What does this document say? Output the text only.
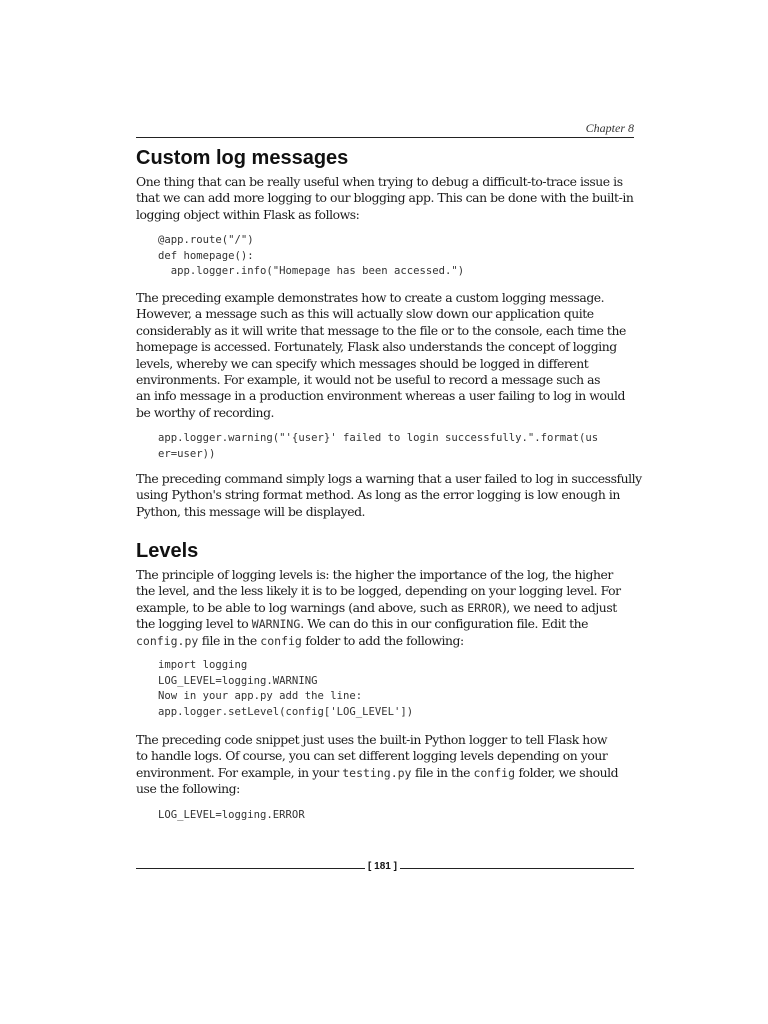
Chapter 8
Custom log messages

One thing that can be really useful when trying to debug a difficult-to-trace issue is
that we can add more logging to our blogging app. This can be done with the built-in
logging object within Flask as follows:

@app.route("/")
def homepage():
app.logger.info("Homepage has been accessed.")

The preceding example demonstrates how to create a custom logging message.
However, a message such as this will actually slow down our application quite
considerably as it will write that message to the file or to the console, each time the
homepage is accessed. Fortunately, Flask also understands the concept of logging
levels, whereby we can specify which messages should be logged in different
environments. For example, it would not be useful to record a message such as
an info message in a production environment whereas a user failing to log in would
be worthy of recording.

app.logger.warning("'{user}' failed to login successfully.".format(us
er=user))

The preceding command simply logs a warning that a user failed to log in successfully
using Python's string format method. As long as the error logging is low enough in
Python, this message will be displayed.

Levels

The principle of logging levels is: the higher the importance of the log, the higher
the level, and the less likely it is to be logged, depending on your logging level. For
example, to be able to log warnings (and above, such as ERROR), we need to adjust
the logging level to WARNING. We can do this in our configuration file. Edit the
config.py file in the config folder to add the following:

import logging
LOG_LEVEL=logging.WARNING
Now in your app.py add the line:
app.logger.setLevel(config['LOG_LEVEL'])

The preceding code snippet just uses the built-in Python logger to tell Flask how
to handle logs. Of course, you can set different logging levels depending on your
environment. For example, in your testing.py file in the config folder, we should
use the following:

LOG_LEVEL=logging.ERROR
[ 181 ]
